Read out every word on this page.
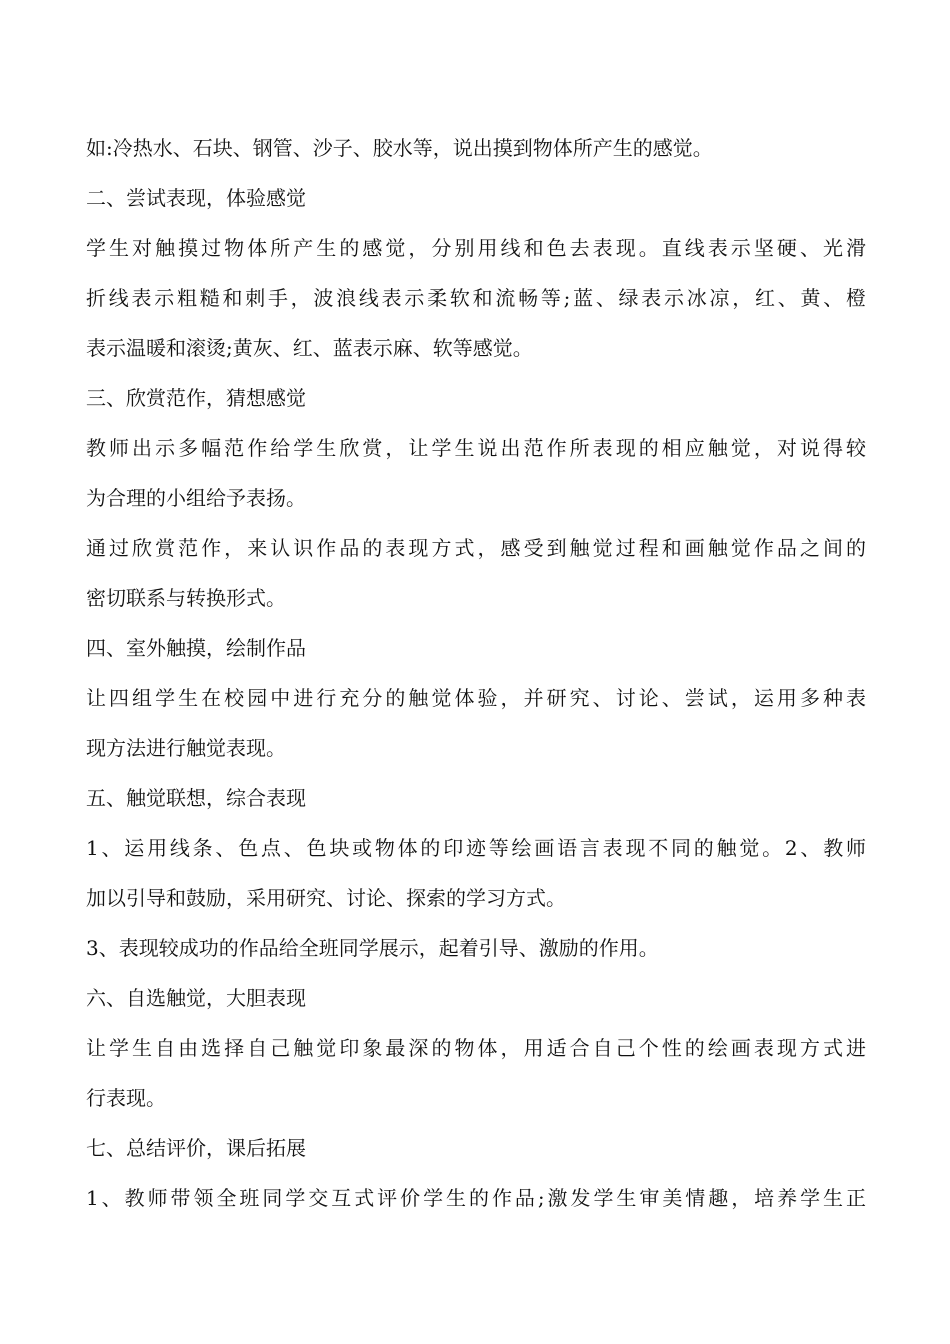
如:冷热水、石块、钢管、沙子、胶水等，说出摸到物体所产生的感觉。

二、尝试表现，体验感觉

学生对触摸过物体所产生的感觉，分别用线和色去表现。直线表示坚硬、光滑

折线表示粗糙和刺手，波浪线表示柔软和流畅等;蓝、绿表示冰凉，红、黄、橙

表示温暖和滚烫;黄灰、红、蓝表示麻、软等感觉。

三、欣赏范作，猜想感觉

教师出示多幅范作给学生欣赏，让学生说出范作所表现的相应触觉，对说得较

为合理的小组给予表扬。

通过欣赏范作，来认识作品的表现方式，感受到触觉过程和画触觉作品之间的

密切联系与转换形式。

四、室外触摸，绘制作品

让四组学生在校园中进行充分的触觉体验，并研究、讨论、尝试，运用多种表

现方法进行触觉表现。

五、触觉联想，综合表现

1、运用线条、色点、色块或物体的印迹等绘画语言表现不同的触觉。2、教师

加以引导和鼓励，采用研究、讨论、探索的学习方式。

3、表现较成功的作品给全班同学展示，起着引导、激励的作用。

六、自选触觉，大胆表现

让学生自由选择自己触觉印象最深的物体，用适合自己个性的绘画表现方式进

行表现。

七、总结评价，课后拓展

1、教师带领全班同学交互式评价学生的作品;激发学生审美情趣，培养学生正
